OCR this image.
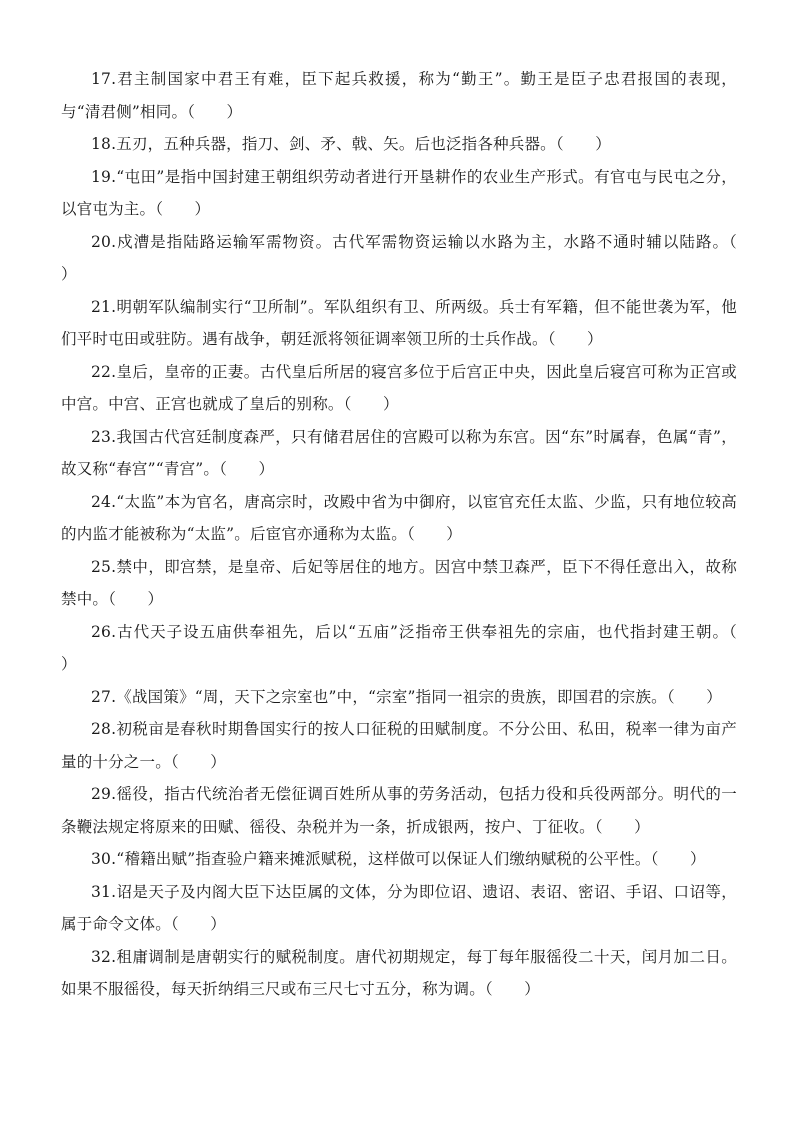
17.君主制国家中君王有难，臣下起兵救援，称为“勤王”。勤王是臣子忠君报国的表现，与“清君侧”相同。（　　）

18.五刃，五种兵器，指刀、剑、矛、戟、矢。后也泛指各种兵器。（　　）

19.“屯田”是指中国封建王朝组织劳动者进行开垦耕作的农业生产形式。有官屯与民屯之分，以官屯为主。（　　）

20.戍漕是指陆路运输军需物资。古代军需物资运输以水路为主，水路不通时辅以陆路。（　　）

21.明朝军队编制实行“卫所制”。军队组织有卫、所两级。兵士有军籍，但不能世袭为军，他们平时屯田或驻防。遇有战争，朝廷派将领征调率领卫所的士兵作战。（　　）

22.皇后，皇帝的正妻。古代皇后所居的寝宫多位于后宫正中央，因此皇后寝宫可称为正宫或中宫。中宫、正宫也就成了皇后的别称。（　　）

23.我国古代宫廷制度森严，只有储君居住的宫殿可以称为东宫。因“东”时属春，色属“青”，故又称“春宫”“青宫”。（　　）

24.“太监”本为官名，唐高宗时，改殿中省为中御府，以宦官充任太监、少监，只有地位较高的内监才能被称为“太监”。后宦官亦通称为太监。（　　）

25.禁中，即宫禁，是皇帝、后妃等居住的地方。因宫中禁卫森严，臣下不得任意出入，故称禁中。（　　）

26.古代天子设五庙供奉祖先，后以“五庙”泛指帝王供奉祖先的宗庙，也代指封建王朝。（　　）

27.《战国策》“周，天下之宗室也”中，“宗室”指同一祖宗的贵族，即国君的宗族。（　　）

28.初税亩是春秋时期鲁国实行的按人口征税的田赋制度。不分公田、私田，税率一律为亩产量的十分之一。（　　）

29.徭役，指古代统治者无偿征调百姓所从事的劳务活动，包括力役和兵役两部分。明代的一条鞭法规定将原来的田赋、徭役、杂税并为一条，折成银两，按户、丁征收。（　　）

30.“稽籍出赋”指查验户籍来摊派赋税，这样做可以保证人们缴纳赋税的公平性。（　　）

31.诏是天子及内阁大臣下达臣属的文体，分为即位诏、遗诏、表诏、密诏、手诏、口诏等，属于命令文体。（　　）

32.租庸调制是唐朝实行的赋税制度。唐代初期规定，每丁每年服徭役二十天，闰月加二日。如果不服徭役，每天折纳绢三尺或布三尺七寸五分，称为调。（　　）
